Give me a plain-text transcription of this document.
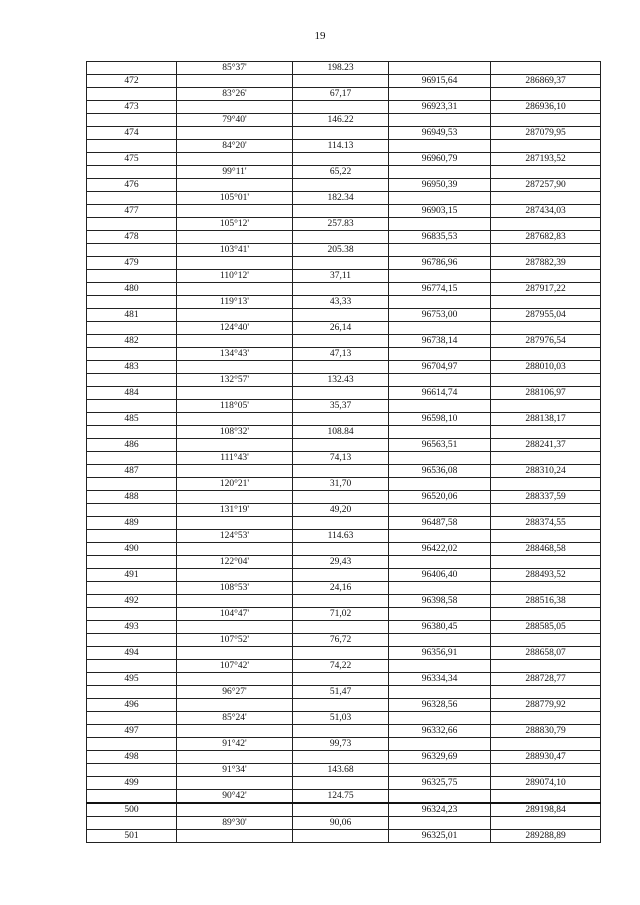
19
	85°37'	198.23		
472			96915,64	286869,37
	83°26'	67,17		
473			96923,31	286936,10
	79°40'	146.22		
474			96949,53	287079,95
	84°20'	114.13		
475			96960,79	287193,52
	99°11'	65,22		
476			96950,39	287257,90
	105°01'	182.34		
477			96903,15	287434,03
	105°12'	257.83		
478			96835,53	287682,83
	103°41'	205.38		
479			96786,96	287882,39
	110°12'	37,11		
480			96774,15	287917,22
	119°13'	43,33		
481			96753,00	287955,04
	124°40'	26,14		
482			96738,14	287976,54
	134°43'	47,13		
483			96704,97	288010,03
	132°57'	132.43		
484			96614,74	288106,97
	118°05'	35,37		
485			96598,10	288138,17
	108°32'	108.84		
486			96563,51	288241,37
	111°43'	74,13		
487			96536,08	288310,24
	120°21'	31,70		
488			96520,06	288337,59
	131°19'	49,20		
489			96487,58	288374,55
	124°53'	114.63		
490			96422,02	288468,58
	122°04'	29,43		
491			96406,40	288493,52
	108°53'	24,16		
492			96398,58	288516,38
	104°47'	71,02		
493			96380,45	288585,05
	107°52'	76,72		
494			96356,91	288658,07
	107°42'	74,22		
495			96334,34	288728,77
	96°27'	51,47		
496			96328,56	288779,92
	85°24'	51,03		
497			96332,66	288830,79
	91°42'	99,73		
498			96329,69	288930,47
	91°34'	143.68		
499			96325,75	289074,10
	90°42'	124.75		
500			96324,23	289198,84
	89°30'	90,06		
501			96325,01	289288,89
